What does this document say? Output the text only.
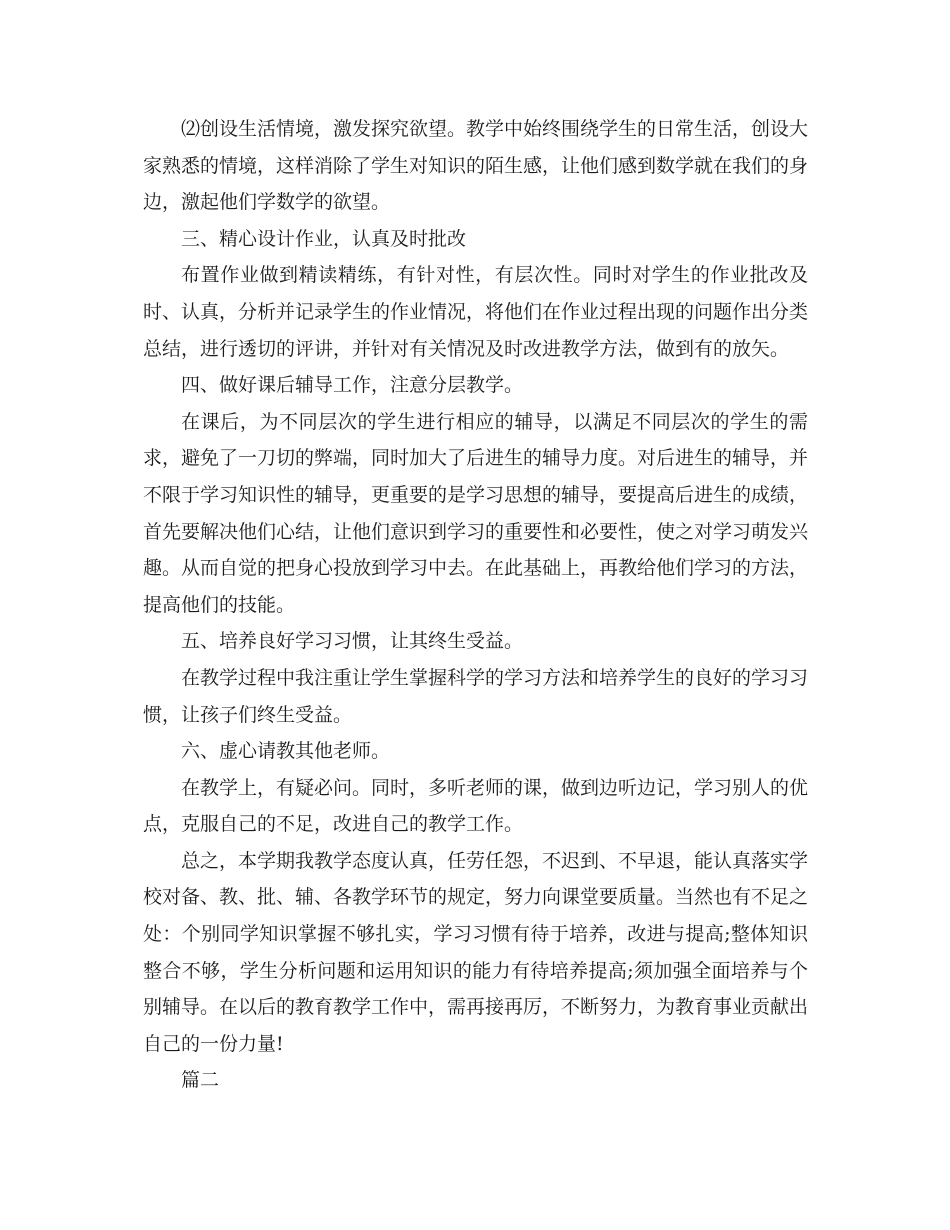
⑵创设生活情境，激发探究欲望。教学中始终围绕学生的日常生活，创设大家熟悉的情境，这样消除了学生对知识的陌生感，让他们感到数学就在我们的身边，激起他们学数学的欲望。

三、精心设计作业，认真及时批改

布置作业做到精读精练，有针对性，有层次性。同时对学生的作业批改及时、认真，分析并记录学生的作业情况，将他们在作业过程出现的问题作出分类总结，进行透切的评讲，并针对有关情况及时改进教学方法，做到有的放矢。

四、做好课后辅导工作，注意分层教学。

在课后，为不同层次的学生进行相应的辅导，以满足不同层次的学生的需求，避免了一刀切的弊端，同时加大了后进生的辅导力度。对后进生的辅导，并不限于学习知识性的辅导，更重要的是学习思想的辅导，要提高后进生的成绩，首先要解决他们心结，让他们意识到学习的重要性和必要性，使之对学习萌发兴趣。从而自觉的把身心投放到学习中去。在此基础上，再教给他们学习的方法，提高他们的技能。

五、培养良好学习习惯，让其终生受益。

在教学过程中我注重让学生掌握科学的学习方法和培养学生的良好的学习习惯，让孩子们终生受益。

六、虚心请教其他老师。

在教学上，有疑必问。同时，多听老师的课，做到边听边记，学习别人的优点，克服自己的不足，改进自己的教学工作。

总之，本学期我教学态度认真，任劳任怨，不迟到、不早退，能认真落实学校对备、教、批、辅、各教学环节的规定，努力向课堂要质量。当然也有不足之处：个别同学知识掌握不够扎实，学习习惯有待于培养，改进与提高;整体知识整合不够，学生分析问题和运用知识的能力有待培养提高;须加强全面培养与个别辅导。在以后的教育教学工作中，需再接再厉，不断努力，为教育事业贡献出自己的一份力量!

篇二
